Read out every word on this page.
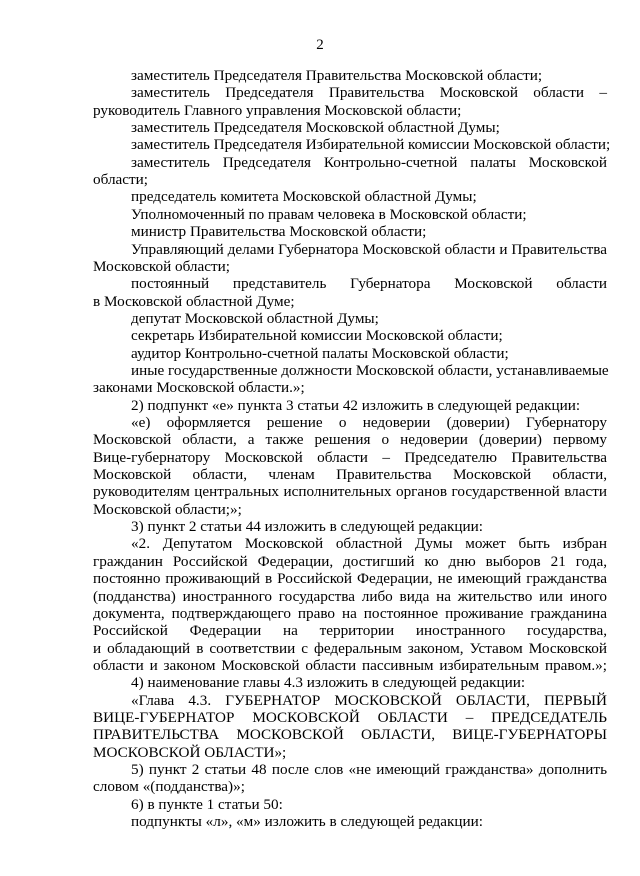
2
заместитель Председателя Правительства Московской области;
заместитель Председателя Правительства Московской области –
руководитель Главного управления Московской области;
заместитель Председателя Московской областной Думы;
заместитель Председателя Избирательной комиссии Московской области;
заместитель Председателя Контрольно-счетной палаты Московской
области;
председатель комитета Московской областной Думы;
Уполномоченный по правам человека в Московской области;
министр Правительства Московской области;
Управляющий делами Губернатора Московской области и Правительства
Московской области;
постоянный представитель Губернатора Московской области
в Московской областной Думе;
депутат Московской областной Думы;
секретарь Избирательной комиссии Московской области;
аудитор Контрольно-счетной палаты Московской области;
иные государственные должности Московской области, устанавливаемые
законами Московской области.»;
2) подпункт «е» пункта 3 статьи 42 изложить в следующей редакции:
«е) оформляется решение о недоверии (доверии) Губернатору
Московской области, а также решения о недоверии (доверии) первому
Вице-губернатору Московской области – Председателю Правительства
Московской области, членам Правительства Московской области,
руководителям центральных исполнительных органов государственной власти
Московской области;»;
3) пункт 2 статьи 44 изложить в следующей редакции:
«2. Депутатом Московской областной Думы может быть избран
гражданин Российской Федерации, достигший ко дню выборов 21 года,
постоянно проживающий в Российской Федерации, не имеющий гражданства
(подданства) иностранного государства либо вида на жительство или иного
документа, подтверждающего право на постоянное проживание гражданина
Российской Федерации на территории иностранного государства,
и обладающий в соответствии с федеральным законом, Уставом Московской
области и законом Московской области пассивным избирательным правом.»;
4) наименование главы 4.3 изложить в следующей редакции:
«Глава 4.3. ГУБЕРНАТОР МОСКОВСКОЙ ОБЛАСТИ, ПЕРВЫЙ
ВИЦЕ-ГУБЕРНАТОР МОСКОВСКОЙ ОБЛАСТИ – ПРЕДСЕДАТЕЛЬ
ПРАВИТЕЛЬСТВА МОСКОВСКОЙ ОБЛАСТИ, ВИЦЕ-ГУБЕРНАТОРЫ
МОСКОВСКОЙ ОБЛАСТИ»;
5) пункт 2 статьи 48 после слов «не имеющий гражданства» дополнить
словом «(подданства)»;
6) в пункте 1 статьи 50:
подпункты «л», «м» изложить в следующей редакции:
